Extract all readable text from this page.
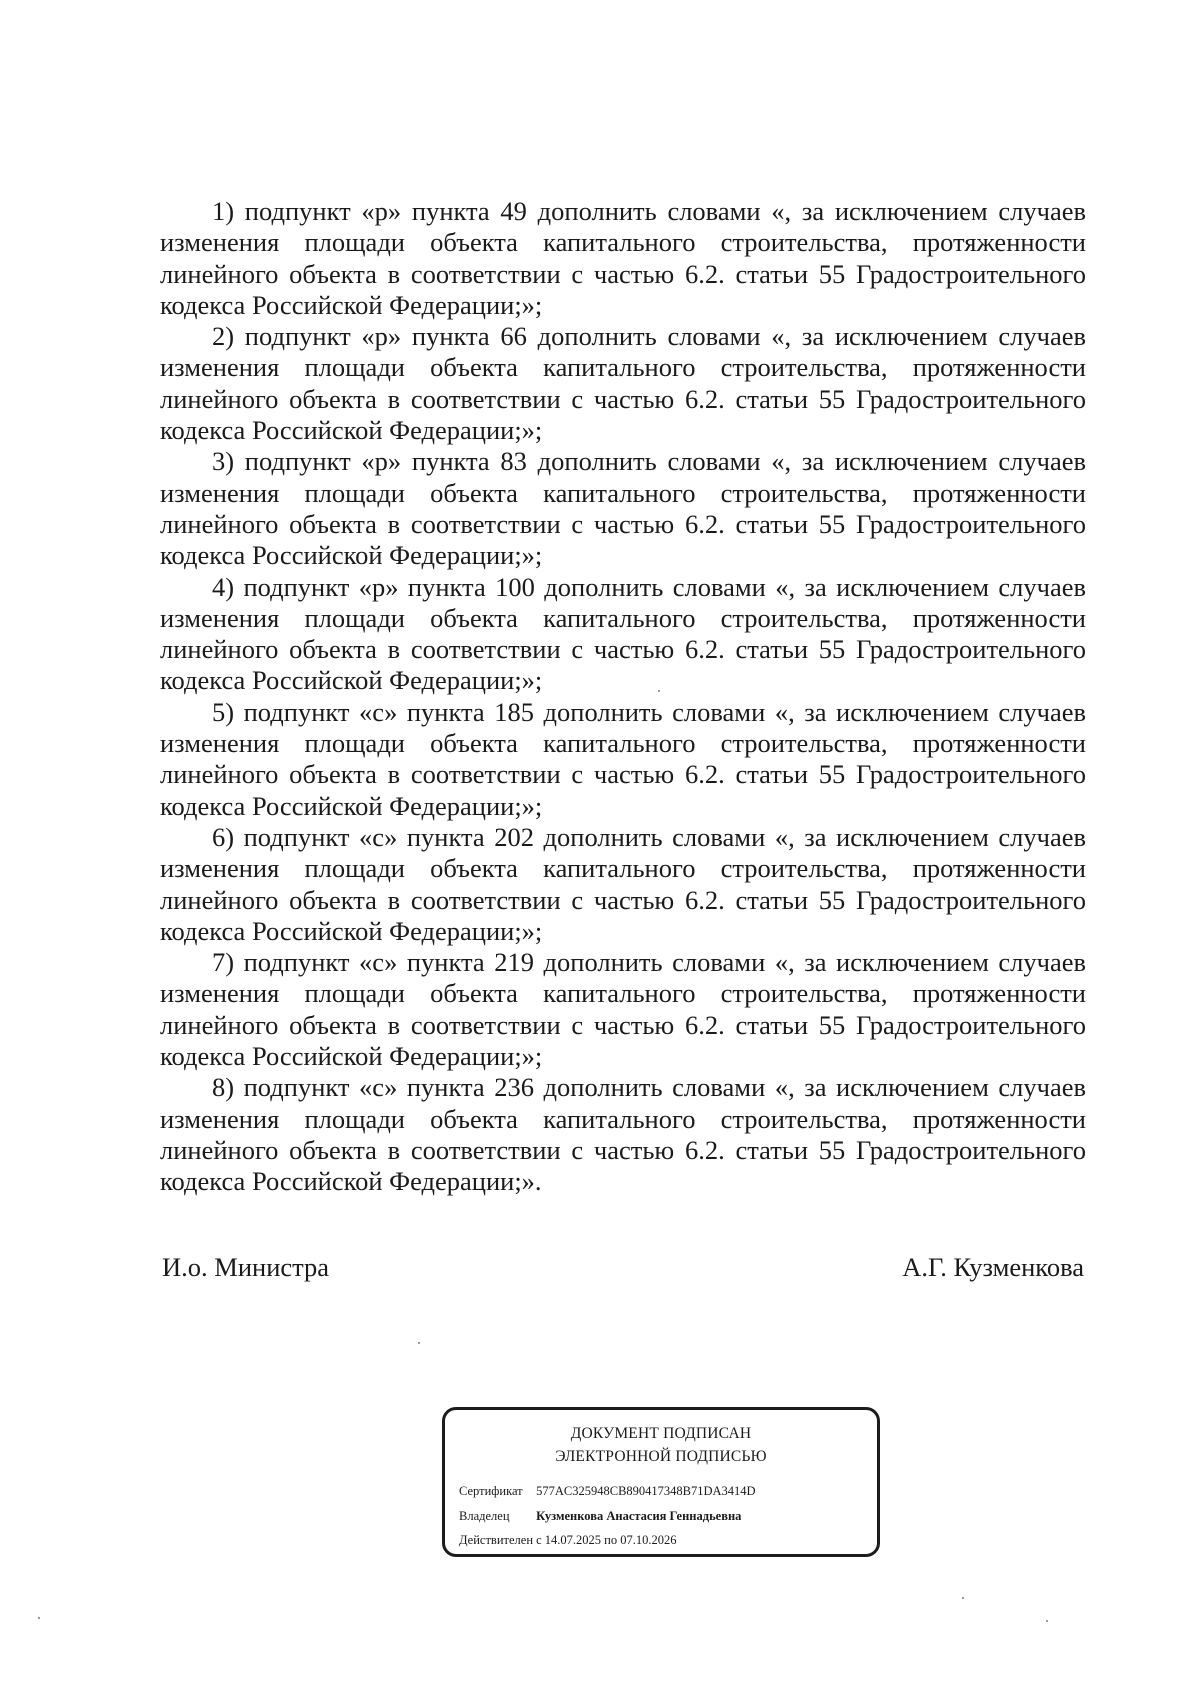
1) подпункт «р» пункта 49 дополнить словами «, за исключением случаев изменения площади объекта капитального строительства, протяженности линейного объекта в соответствии с частью 6.2. статьи 55 Градостроительного кодекса Российской Федерации;»;

2) подпункт «р» пункта 66 дополнить словами «, за исключением случаев изменения площади объекта капитального строительства, протяженности линейного объекта в соответствии с частью 6.2. статьи 55 Градостроительного кодекса Российской Федерации;»;

3) подпункт «р» пункта 83 дополнить словами «, за исключением случаев изменения площади объекта капитального строительства, протяженности линейного объекта в соответствии с частью 6.2. статьи 55 Градостроительного кодекса Российской Федерации;»;

4) подпункт «р» пункта 100 дополнить словами «, за исключением случаев изменения площади объекта капитального строительства, протяженности линейного объекта в соответствии с частью 6.2. статьи 55 Градостроительного кодекса Российской Федерации;»;

5) подпункт «с» пункта 185 дополнить словами «, за исключением случаев изменения площади объекта капитального строительства, протяженности линейного объекта в соответствии с частью 6.2. статьи 55 Градостроительного кодекса Российской Федерации;»;

6) подпункт «с» пункта 202 дополнить словами «, за исключением случаев изменения площади объекта капитального строительства, протяженности линейного объекта в соответствии с частью 6.2. статьи 55 Градостроительного кодекса Российской Федерации;»;

7) подпункт «с» пункта 219 дополнить словами «, за исключением случаев изменения площади объекта капитального строительства, протяженности линейного объекта в соответствии с частью 6.2. статьи 55 Градостроительного кодекса Российской Федерации;»;

8) подпункт «с» пункта 236 дополнить словами «, за исключением случаев изменения площади объекта капитального строительства, протяженности линейного объекта в соответствии с частью 6.2. статьи 55 Градостроительного кодекса Российской Федерации;».

И.о. Министра	А.Г. Кузменкова
ДОКУМЕНТ ПОДПИСАН
ЭЛЕКТРОННОЙ ПОДПИСЬЮ
Сертификат 577AC325948CB890417348B71DA3414D
Владелец Кузменкова Анастасия Геннадьевна
Действителен с 14.07.2025 по 07.10.2026
